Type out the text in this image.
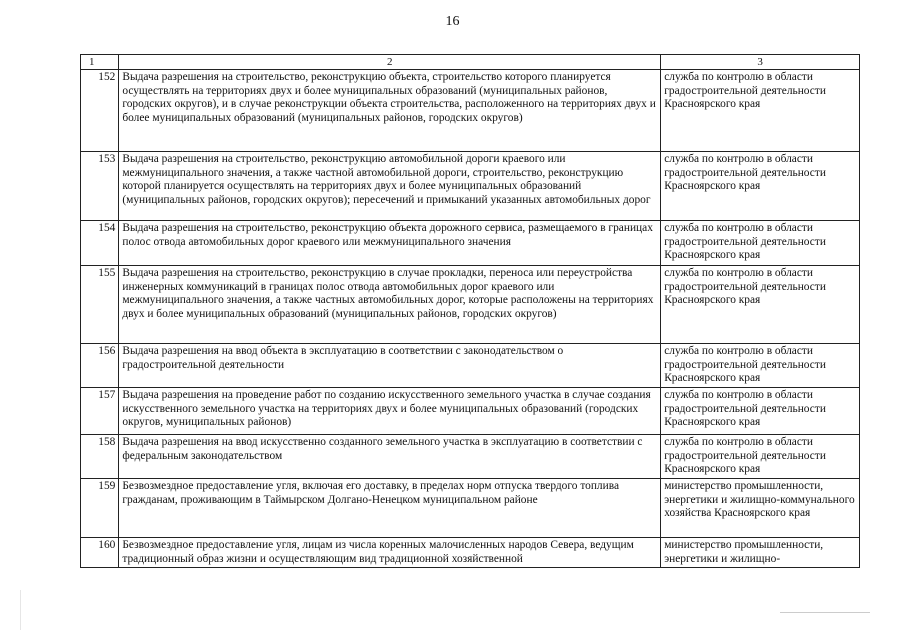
16
1	2	3
152	Выдача разрешения на строительство, реконструкцию объекта, строительство которого планируется осуществлять на территориях двух и более муниципальных образований (муниципальных районов, городских округов), и в случае реконструкции объекта строительства, расположенного на территориях двух и более муниципальных образований (муниципальных районов, городских округов)	служба по контролю в области градостроительной деятельности Красноярского края
153	Выдача разрешения на строительство, реконструкцию автомобильной дороги краевого или межмуниципального значения, а также частной автомобильной дороги, строительство, реконструкцию которой планируется осуществлять на территориях двух и более муниципальных образований (муниципальных районов, городских округов); пересечений и примыканий указанных автомобильных дорог	служба по контролю в области градостроительной деятельности Красноярского края
154	Выдача разрешения на строительство, реконструкцию объекта дорожного сервиса, размещаемого в границах полос отвода автомобильных дорог краевого или межмуниципального значения	служба по контролю в области градостроительной деятельности Красноярского края
155	Выдача разрешения на строительство, реконструкцию в случае прокладки, переноса или переустройства инженерных коммуникаций в границах полос отвода автомобильных дорог краевого или межмуниципального значения, а также частных автомобильных дорог, которые расположены на территориях двух и более муниципальных образований (муниципальных районов, городских округов)	служба по контролю в области градостроительной деятельности Красноярского края
156	Выдача разрешения на ввод объекта в эксплуатацию в соответствии с законодательством о градостроительной деятельности	служба по контролю в области градостроительной деятельности Красноярского края
157	Выдача разрешения на проведение работ по созданию искусственного земельного участка в случае создания искусственного земельного участка на территориях двух и более муниципальных образований (городских округов, муниципальных районов)	служба по контролю в области градостроительной деятельности Красноярского края
158	Выдача разрешения на ввод искусственно созданного земельного участка в эксплуатацию в соответствии с федеральным законодательством	служба по контролю в области градостроительной деятельности Красноярского края
159	Безвозмездное предоставление угля, включая его доставку, в пределах норм отпуска твердого топлива гражданам, проживающим в Таймырском Долгано-Ненецком муниципальном районе	министерство промышленности, энергетики и жилищно-коммунального хозяйства Красноярского края
160	Безвозмездное предоставление угля, лицам из числа коренных малочисленных народов Севера, ведущим традиционный образ жизни и осуществляющим вид традиционной хозяйственной	министерство промышленности, энергетики и жилищно-
